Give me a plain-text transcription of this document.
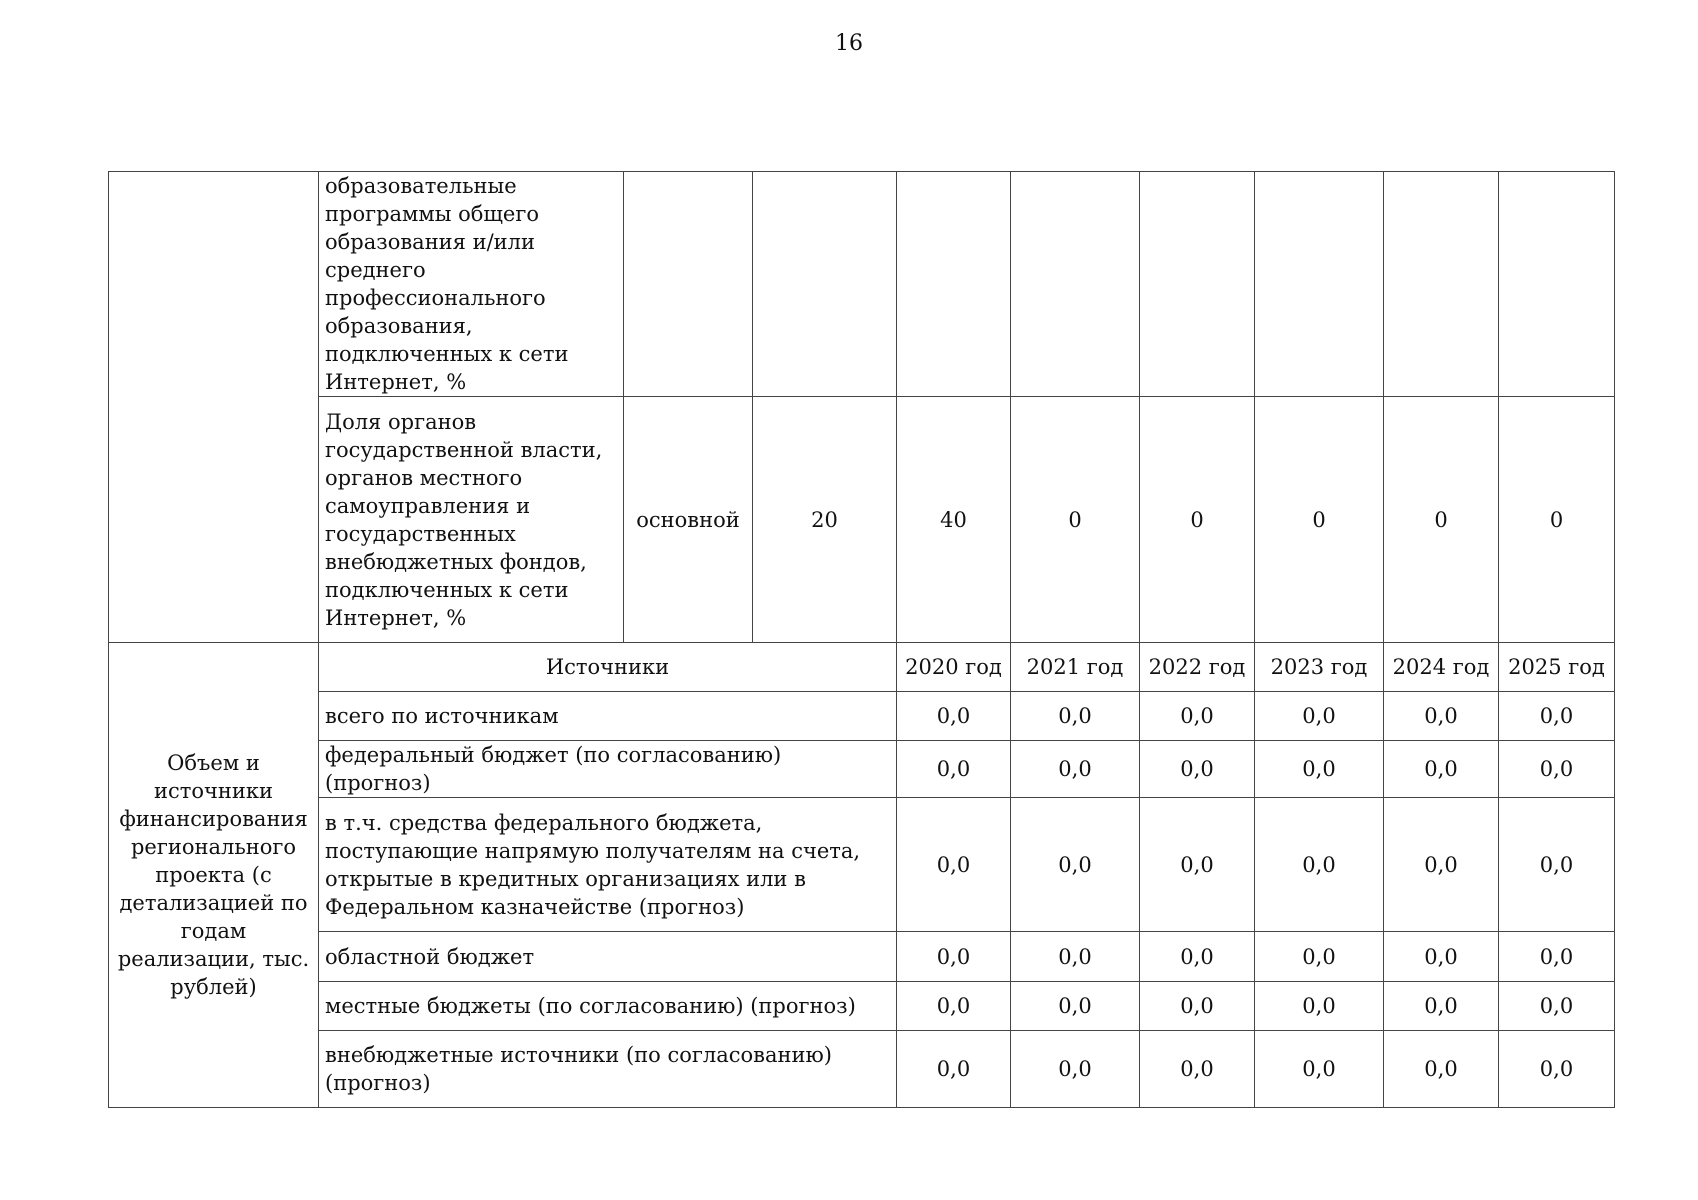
16
	образовательные программы общего образования и/или среднего профессионального образования, подключенных к сети Интернет, %								
	Доля органов государственной власти, органов местного самоуправления и государственных внебюджетных фондов, подключенных к сети Интернет, %	основной	20	40	0	0	0	0	0
Объем и источники финансирования регионального проекта (с детализацией по годам реализации, тыс. рублей)	Источники			2020 год	2021 год	2022 год	2023 год	2024 год	2025 год
	всего по источникам			0,0	0,0	0,0	0,0	0,0	0,0
	федеральный бюджет (по согласованию) (прогноз)			0,0	0,0	0,0	0,0	0,0	0,0
	в т.ч. средства федерального бюджета, поступающие напрямую получателям на счета, открытые в кредитных организациях или в Федеральном казначействе (прогноз)			0,0	0,0	0,0	0,0	0,0	0,0
	областной бюджет			0,0	0,0	0,0	0,0	0,0	0,0
	местные бюджеты (по согласованию) (прогноз)			0,0	0,0	0,0	0,0	0,0	0,0
	внебюджетные источники (по согласованию) (прогноз)			0,0	0,0	0,0	0,0	0,0	0,0
